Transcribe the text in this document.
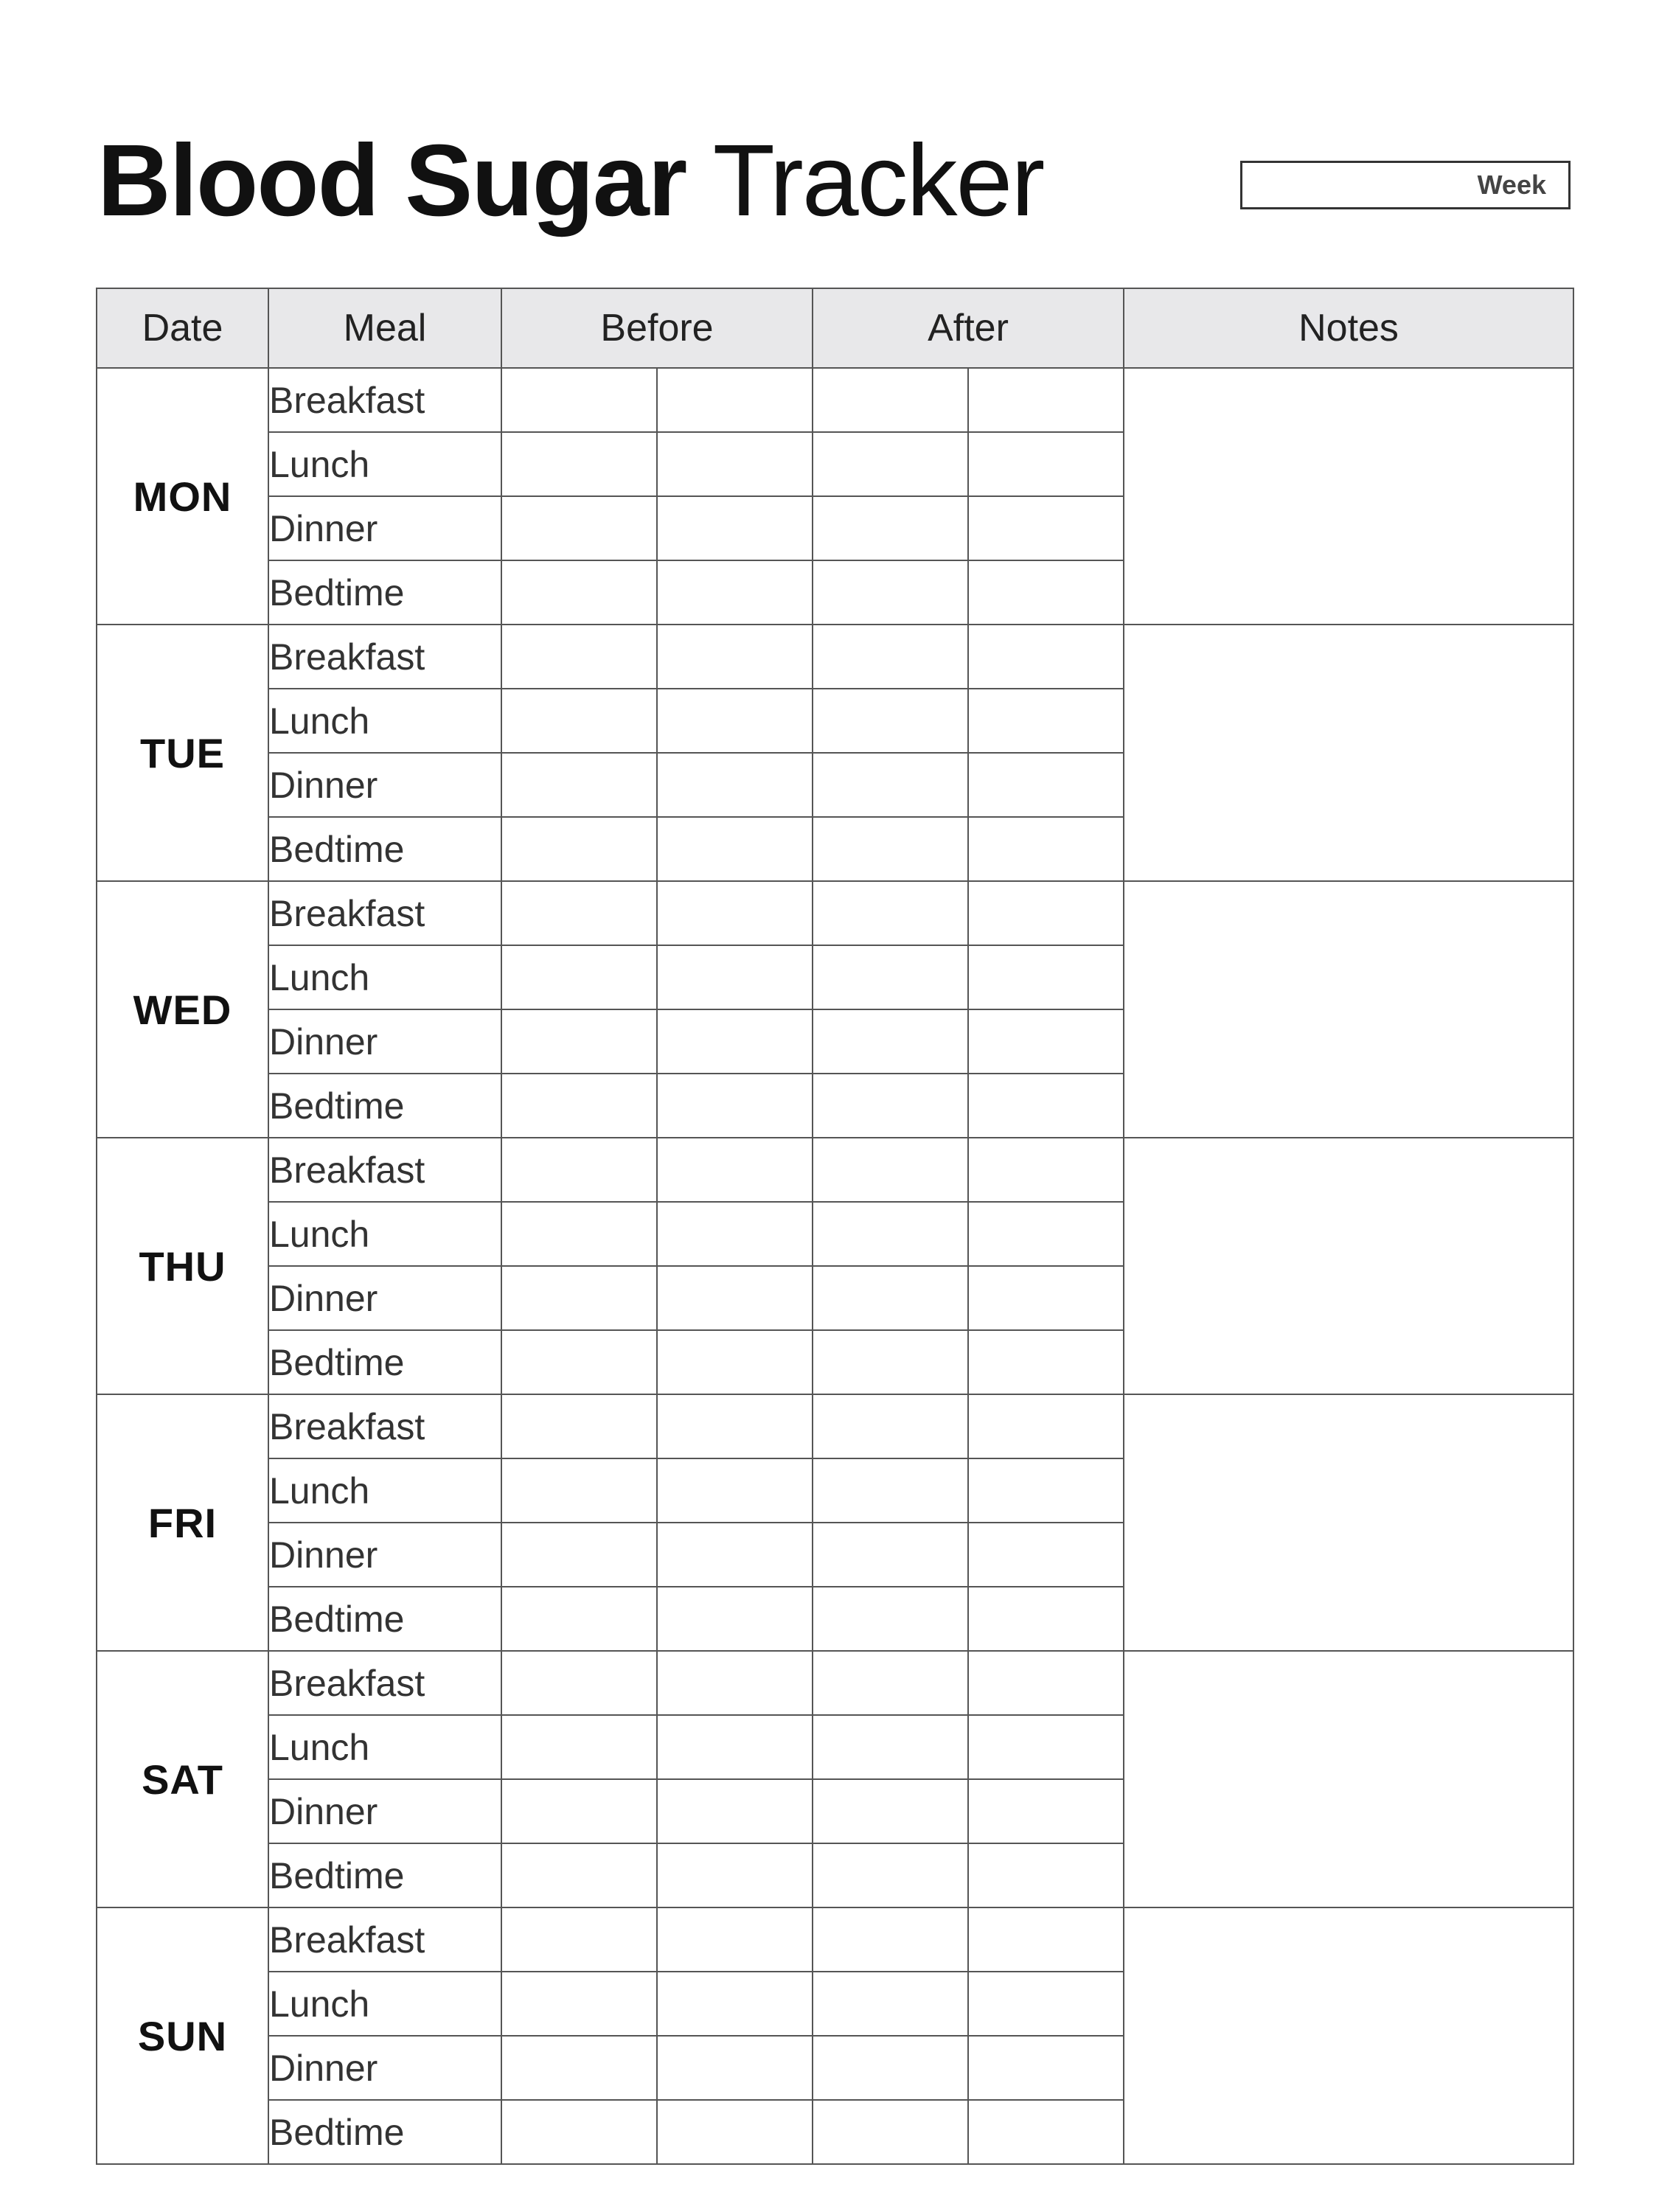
Blood Sugar Tracker	Week
Date	Meal	Before		After		Notes
MON	Breakfast					
	Lunch					
	Dinner					
	Bedtime					
TUE	Breakfast					
	Lunch					
	Dinner					
	Bedtime					
WED	Breakfast					
	Lunch					
	Dinner					
	Bedtime					
THU	Breakfast					
	Lunch					
	Dinner					
	Bedtime					
FRI	Breakfast					
	Lunch					
	Dinner					
	Bedtime					
SAT	Breakfast					
	Lunch					
	Dinner					
	Bedtime					
SUN	Breakfast					
	Lunch					
	Dinner					
	Bedtime					
